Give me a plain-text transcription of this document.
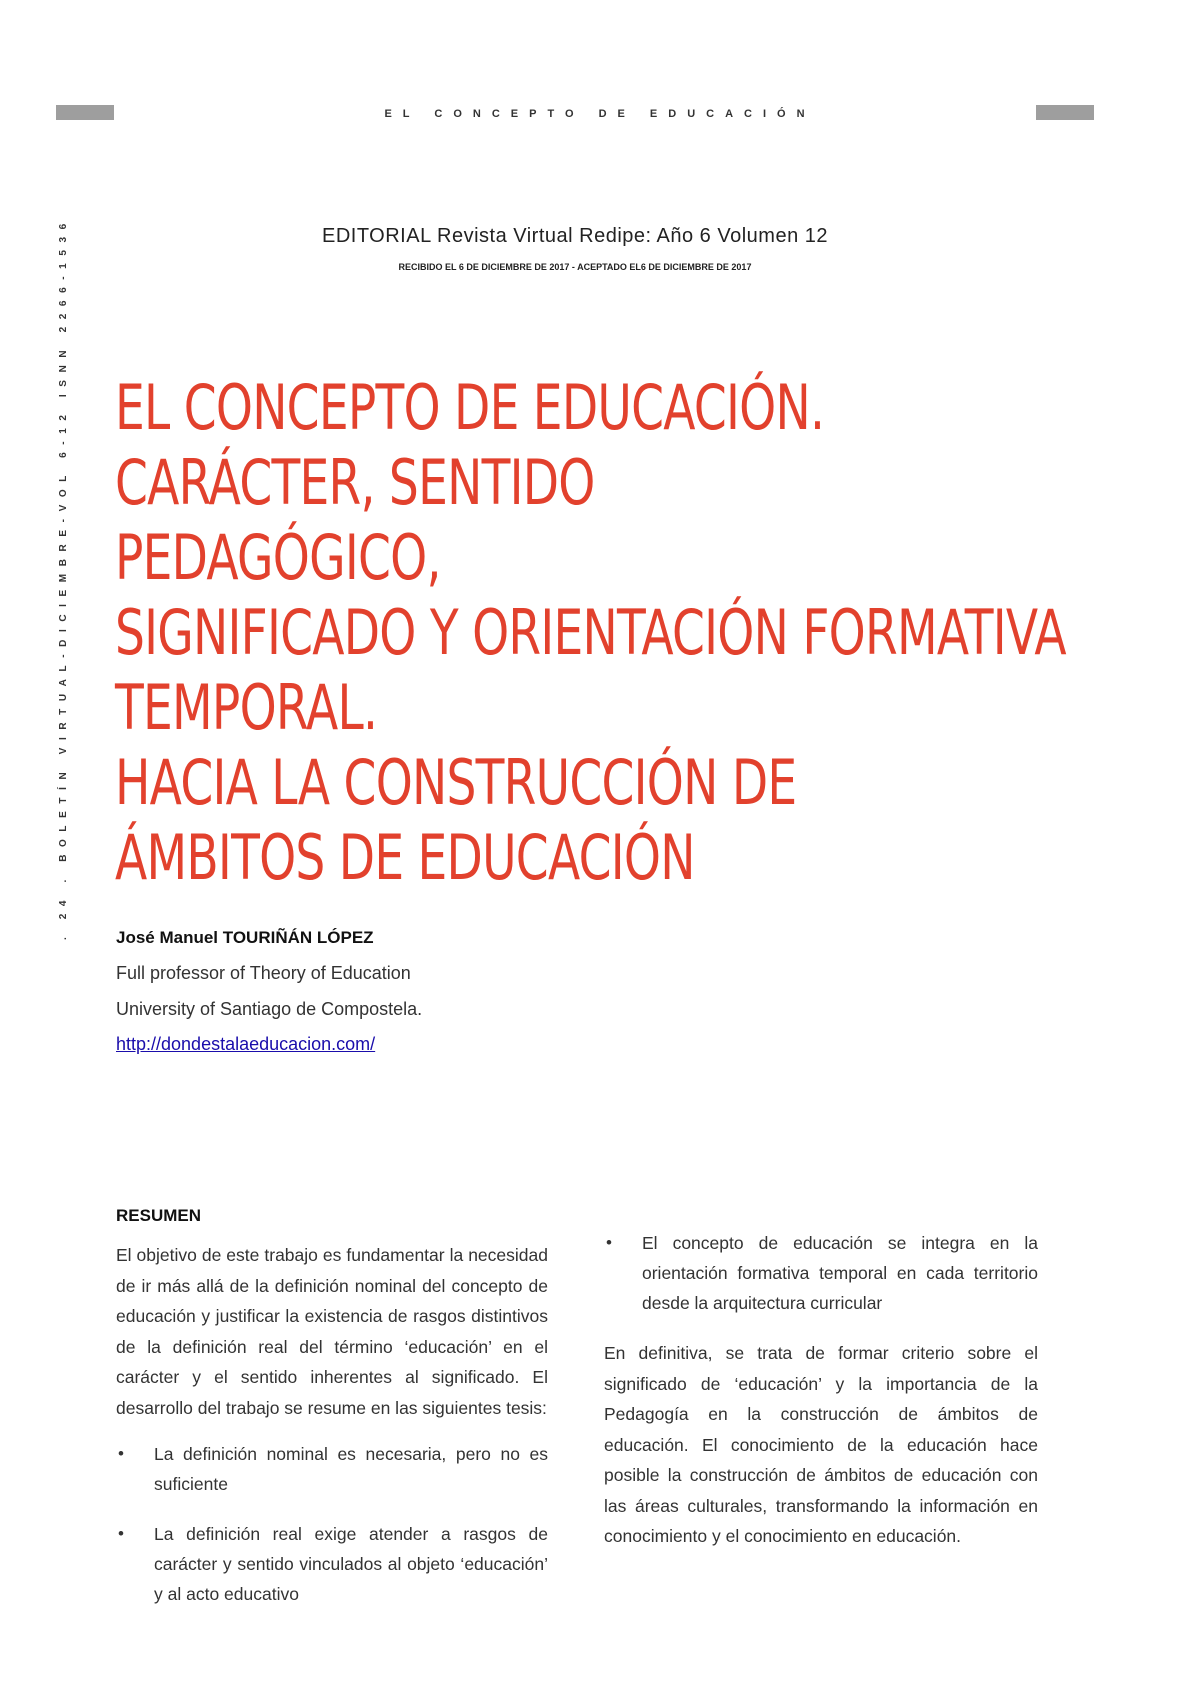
EL CONCEPTO DE EDUCACIÓN
. 24 . BOLETÍN VIRTUAL-DICIEMBRE-VOL 6-12 ISNN 2266-1536	EDITORIAL Revista Virtual Redipe: Año 6 Volumen 12
RECIBIDO EL 6 DE DICIEMBRE DE 2017 - ACEPTADO EL6 DE DICIEMBRE DE 2017
EL CONCEPTO DE EDUCACIÓN.
CARÁCTER, SENTIDO
PEDAGÓGICO,
SIGNIFICADO Y ORIENTACIÓN FORMATIVA
TEMPORAL.
HACIA LA CONSTRUCCIÓN DE
ÁMBITOS DE EDUCACIÓN
José Manuel TOURIÑÁN LÓPEZ
Full professor of Theory of Education
University of Santiago de Compostela.
http://dondestalaeducacion.com/
RESUMEN

El objetivo de este trabajo es fundamentar la necesidad de ir más allá de la definición nominal del concepto de educación y justificar la existencia de rasgos distintivos de la definición real del término ‘educación’ en el carácter y el sentido inherentes al significado. El desarrollo del trabajo se resume en las siguientes tesis:

• La definición nominal es necesaria, pero no es suficiente
• La definición real exige atender a rasgos de carácter y sentido vinculados al objeto ‘educación’ y al acto educativo
• El concepto de educación se integra en la orientación formativa temporal en cada territorio desde la arquitectura curricular

En definitiva, se trata de formar criterio sobre el significado de ‘educación’ y la importancia de la Pedagogía en la construcción de ámbitos de educación. El conocimiento de la educación hace posible la construcción de ámbitos de educación con las áreas culturales, transformando la información en conocimiento y el conocimiento en educación.
